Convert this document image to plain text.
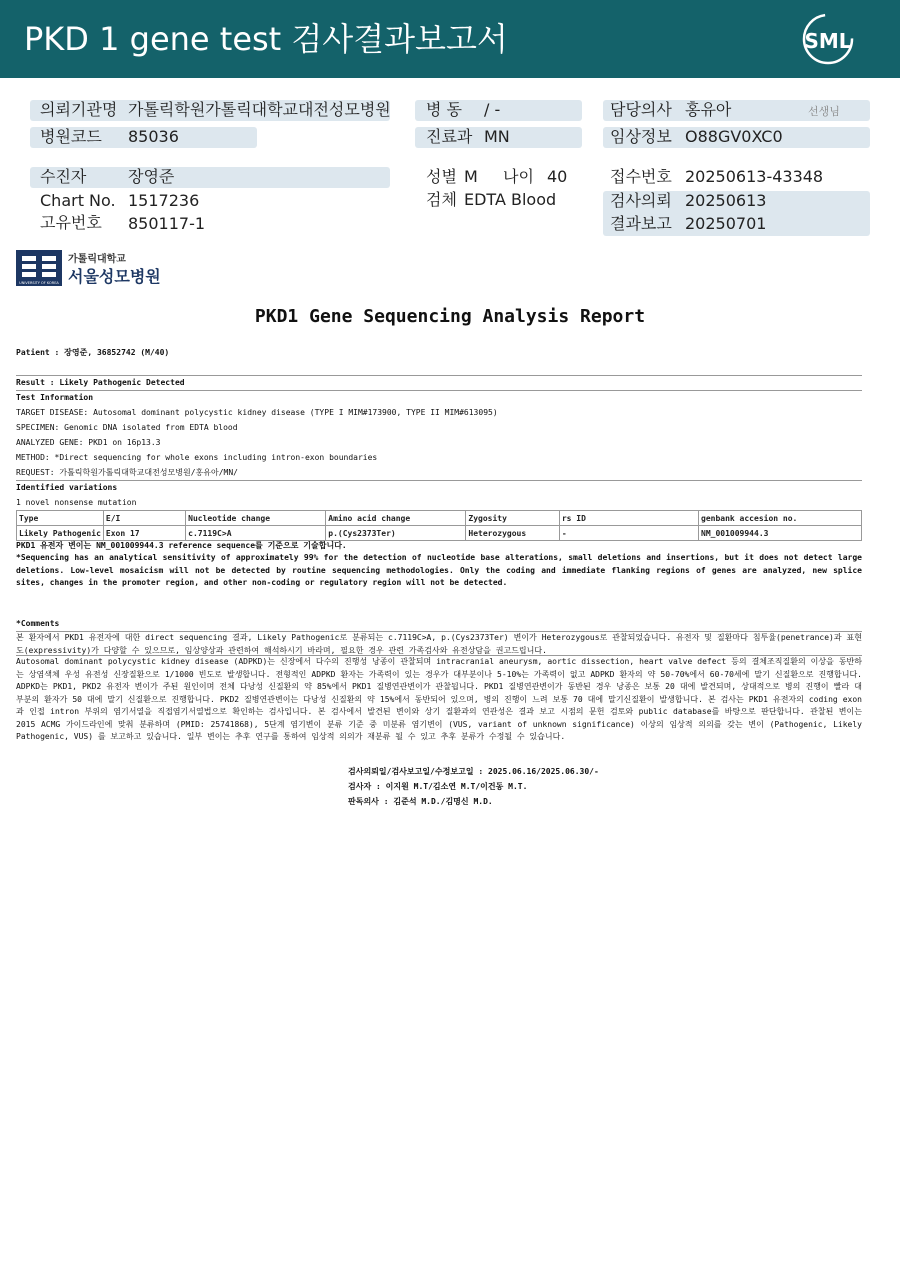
PKD 1 gene test 검사결과보고서	SML
의뢰기관명 가톨릭학원가톨릭대학교대전성모병원 병 동 / -	담당의사 홍유아	선생님
병원코드 85036	진료과 MN	임상정보 O88GV0XC0
수진자	장영준	성별 M 나이 40	접수번호 20250613-43348
Chart No. 1517236	검체 EDTA Blood	검사의뢰 20250613
고유번호 850117-1	결과보고 20250701
UNIVERSITY OF KOREA
가톨릭대학교
서울성모병원
PKD1 Gene Sequencing Analysis Report
Patient : 장영준, 36852742 (M/40)
Result : Likely Pathogenic Detected
Test Information
TARGET DISEASE: Autosomal dominant polycystic kidney disease (TYPE I MIM#173900, TYPE II MIM#613095)
SPECIMEN: Genomic DNA isolated from EDTA blood
ANALYZED GENE: PKD1 on 16p13.3
METHOD: *Direct sequencing for whole exons including intron-exon boundaries
REQUEST: 가톨릭학원가톨릭대학교대전성모병원/홍유아/MN/
Identified variations
1 novel nonsense mutation
Type	E/I	Nucleotide change	Amino acid change	Zygosity	rs ID	genbank accesion no.
Likely Pathogenic	Exon 17	c.7119C>A	p.(Cys2373Ter)	Heterozygous	-	NM_001009944.3
PKD1 유전자 변이는 NM_001009944.3 reference sequence를 기준으로 기술합니다.
*Sequencing has an analytical sensitivity of approximately 99% for the detection of nucleotide base alterations, small deletions and insertions, but it does not detect large deletions. Low-level mosaicism will not be detected by routine sequencing methodologies. Only the coding and immediate flanking regions of genes are analyzed, new splice sites, changes in the promoter region, and other non-coding or regulatory region will not be detected.
*Comments
본 환자에서 PKD1 유전자에 대한 direct sequencing 결과, Likely Pathogenic로 분류되는 c.7119C>A, p.(Cys2373Ter) 변이가 Heterozygous로 관찰되었습니다. 유전자 및 질환마다 침투율(penetrance)과 표현도(expressivity)가 다양할 수 있으므로, 임상양상과 관련하여 해석하시기 바라며, 필요한 경우 관련 가족검사와 유전상담을 권고드립니다.
Autosomal dominant polycystic kidney disease (ADPKD)는 신장에서 다수의 진행성 낭종이 관찰되며 intracranial aneurysm, aortic dissection, heart valve defect 등의 결체조직질환의 이상을 동반하는 상염색체 우성 유전성 신장질환으로 1/1000 빈도로 발생합니다. 전형적인 ADPKD 환자는 가족력이 있는 경우가 대부분이나 5-10%는 가족력이 없고 ADPKD 환자의 약 50-70%에서 60-70세에 말기 신질환으로 진행합니다. ADPKD는 PKD1, PKD2 유전자 변이가 주된 원인이며 전체 다낭성 신질환의 약 85%에서 PKD1 질병연관변이가 관찰됩니다. PKD1 질병연관변이가 동반된 경우 낭종은 보통 20 대에 발견되며, 상대적으로 병의 진행이 빨라 대부분의 환자가 50 대에 말기 신질환으로 진행합니다. PKD2 질병연관변이는 다낭성 신질환의 약 15%에서 동반되어 있으며, 병의 진행이 느려 보통 70 대에 말기신질환이 발생합니다. 본 검사는 PKD1 유전자의 coding exon과 인접 intron 부위의 염기서열을 직접염기서열법으로 확인하는 검사입니다. 본 검사에서 발견된 변이와 상기 질환과의 연관성은 결과 보고 시점의 문헌 검토와 public database를 바탕으로 판단합니다. 관찰된 변이는 2015 ACMG 가이드라인에 맞춰 분류하며 (PMID: 25741868), 5단계 염기변이 분류 기준 중 미분류 염기변이 (VUS, variant of unknown significance) 이상의 임상적 의의를 갖는 변이 (Pathogenic, Likely Pathogenic, VUS) 를 보고하고 있습니다. 일부 변이는 추후 연구를 통하여 임상적 의의가 재분류 될 수 있고 추후 분류가 수정될 수 있습니다.
검사의뢰일/검사보고일/수정보고일 : 2025.06.16/2025.06.30/-
검사자 : 이지원 M.T/김소연 M.T/이건동 M.T.
판독의사 : 김준석 M.D./김명신 M.D.
